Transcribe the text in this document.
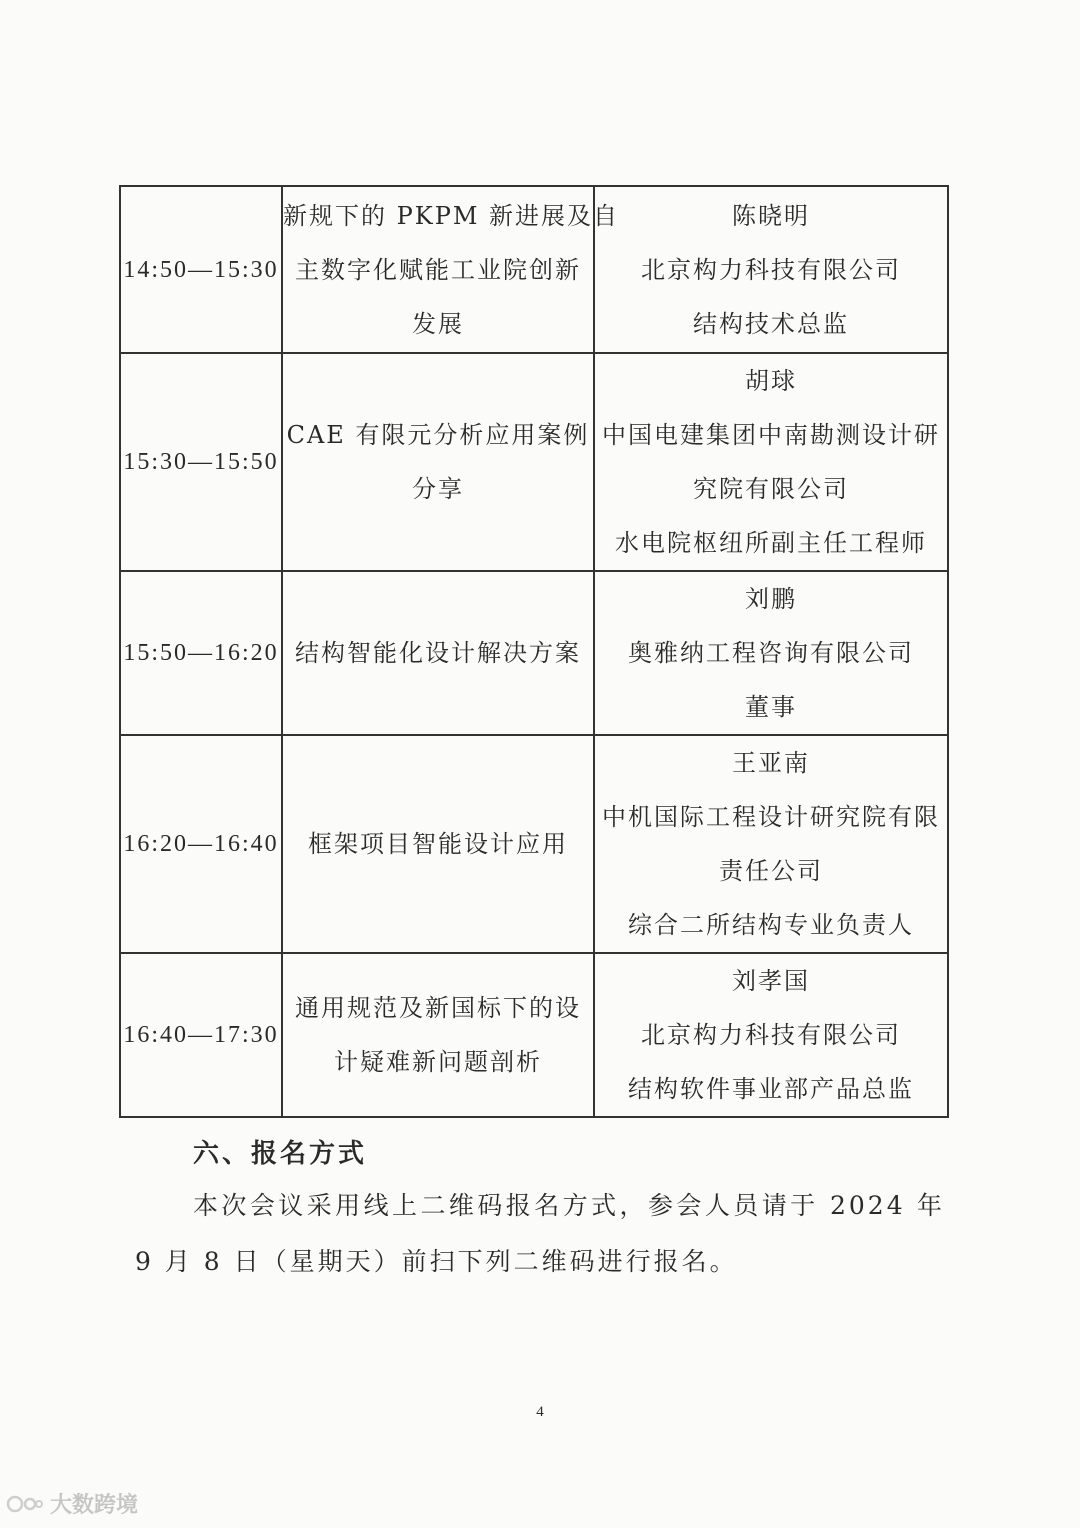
14:50—15:30	新规下的 PKPM 新进展及自
主数字化赋能工业院创新
发展	陈晓明
北京构力科技有限公司
结构技术总监

15:30—15:50	CAE 有限元分析应用案例
分享	胡球
中国电建集团中南勘测设计研
究院有限公司
水电院枢纽所副主任工程师

15:50—16:20	结构智能化设计解决方案	刘鹏
奥雅纳工程咨询有限公司
董事

16:20—16:40	框架项目智能设计应用	王亚南
中机国际工程设计研究院有限
责任公司
综合二所结构专业负责人

16:40—17:30	通用规范及新国标下的设
计疑难新问题剖析	刘孝国
北京构力科技有限公司
结构软件事业部产品总监
六、报名方式
本次会议采用线上二维码报名方式，参会人员请于 2024 年 9 月 8 日（星期天）前扫下列二维码进行报名。
4
大数跨境
